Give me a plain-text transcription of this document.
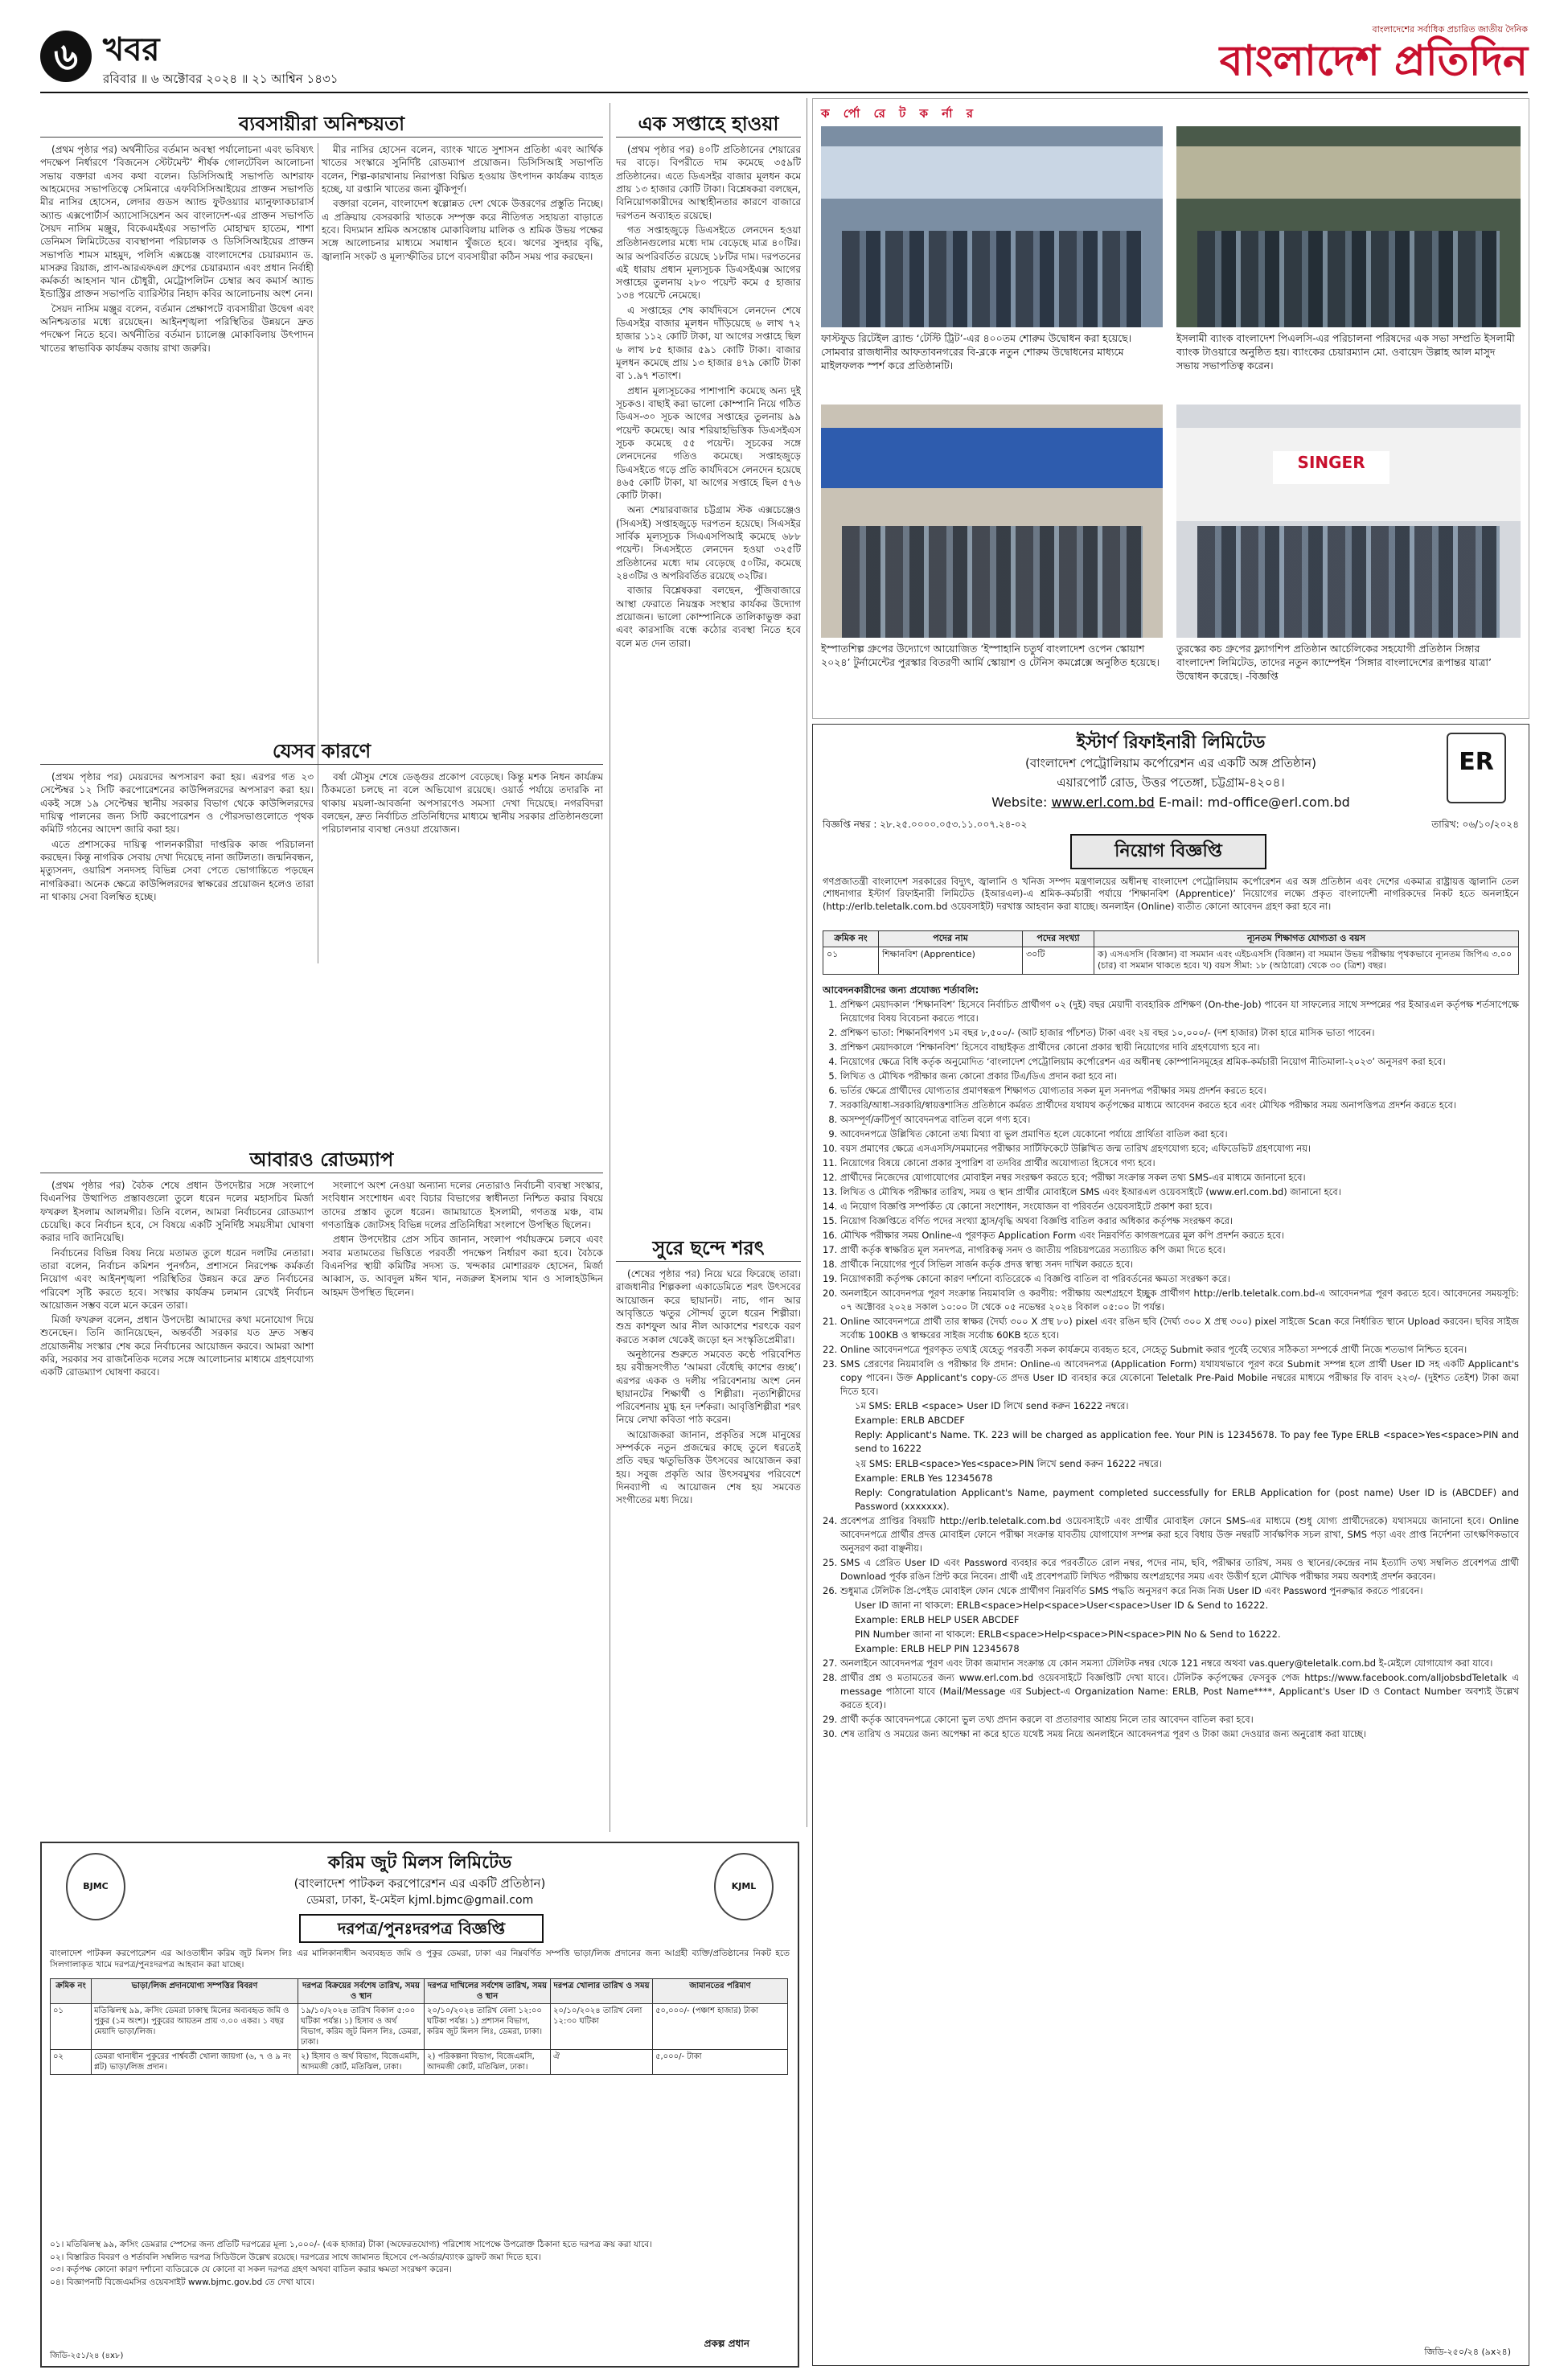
৬ খবর
রবিবার ॥ ৬ অক্টোবর ২০২৪ ॥ ২১ আশ্বিন ১৪৩১
বাংলাদেশের সর্বাধিক প্রচারিত জাতীয় দৈনিক
বাংলাদেশ প্রতিদিন
ব্যবসায়ীরা অনিশ্চয়তা

(প্রথম পৃষ্ঠার পর) অর্থনীতির বর্তমান অবস্থা পর্যালোচনা এবং ভবিষ্যৎ পদক্ষেপ নির্ধারণে ‘বিজনেস স্টেটমেন্ট’ শীর্ষক গোলটেবিল আলোচনা সভায় বক্তারা এসব কথা বলেন। ডিসিসিআই সভাপতি আশরাফ আহমেদের সভাপতিত্বে সেমিনারে এফবিসিসিআইয়ের প্রাক্তন সভাপতি মীর নাসির হোসেন, লেদার গুডস অ্যান্ড ফুটওয়্যার ম্যানুফ্যাকচারার্স অ্যান্ড এক্সপোর্টার্স অ্যাসোসিয়েশন অব বাংলাদেশ-এর প্রাক্তন সভাপতি সৈয়দ নাসিম মঞ্জুর, বিকেএমইএর সভাপতি মোহাম্মদ হাতেম, শাশা ডেনিমস লিমিটেডের ব্যবস্থাপনা পরিচালক ও ডিসিসিআইয়ের প্রাক্তন সভাপতি শামস মাহমুদ, পলিসি এক্সচেঞ্জ বাংলাদেশের চেয়ারম্যান ড. মাসরুর রিয়াজ, প্রাণ-আরএফএল গ্রুপের চেয়ারম্যান এবং প্রধান নির্বাহী কর্মকর্তা আহসান খান চৌধুরী, মেট্রোপলিটন চেম্বার অব কমার্স অ্যান্ড ইন্ডাস্ট্রির প্রাক্তন সভাপতি ব্যারিস্টার নিহাদ কবির আলোচনায় অংশ নেন।

সৈয়দ নাসিম মঞ্জুর বলেন, বর্তমান প্রেক্ষাপটে ব্যবসায়ীরা উদ্বেগ এবং অনিশ্চয়তার মধ্যে রয়েছেন। আইনশৃঙ্খলা পরিস্থিতির উন্নয়নে দ্রুত পদক্ষেপ নিতে হবে। অর্থনীতির বর্তমান চ্যালেঞ্জ মোকাবিলায় উৎপাদন খাতের স্বাভাবিক কার্যক্রম বজায় রাখা জরুরি।

মীর নাসির হোসেন বলেন, ব্যাংক খাতে সুশাসন প্রতিষ্ঠা এবং আর্থিক খাতের সংস্কারে সুনির্দিষ্ট রোডম্যাপ প্রয়োজন। ডিসিসিআই সভাপতি বলেন, শিল্প-কারখানায় নিরাপত্তা বিঘ্নিত হওয়ায় উৎপাদন কার্যক্রম ব্যাহত হচ্ছে, যা রপ্তানি খাতের জন্য ঝুঁকিপূর্ণ।

বক্তারা বলেন, বাংলাদেশ স্বল্পোন্নত দেশ থেকে উত্তরণের প্রস্তুতি নিচ্ছে। এ প্রক্রিয়ায় বেসরকারি খাতকে সম্পৃক্ত করে নীতিগত সহায়তা বাড়াতে হবে। বিদ্যমান শ্রমিক অসন্তোষ মোকাবিলায় মালিক ও শ্রমিক উভয় পক্ষের সঙ্গে আলোচনার মাধ্যমে সমাধান খুঁজতে হবে। ঋণের সুদহার বৃদ্ধি, জ্বালানি সংকট ও মূল্যস্ফীতির চাপে ব্যবসায়ীরা কঠিন সময় পার করছেন।

যেসব কারণে

(প্রথম পৃষ্ঠার পর) মেয়রদের অপসারণ করা হয়। এরপর গত ২৩ সেপ্টেম্বর ১২ সিটি করপোরেশনের কাউন্সিলরদের অপসারণ করা হয়। একই সঙ্গে ১৯ সেপ্টেম্বর স্থানীয় সরকার বিভাগ থেকে কাউন্সিলরদের দায়িত্ব পালনের জন্য সিটি করপোরেশন ও পৌরসভাগুলোতে পৃথক কমিটি গঠনের আদেশ জারি করা হয়।

এতে প্রশাসকের দায়িত্ব পালনকারীরা দাপ্তরিক কাজ পরিচালনা করছেন। কিন্তু নাগরিক সেবায় দেখা দিয়েছে নানা জটিলতা। জন্মনিবন্ধন, মৃত্যুসনদ, ওয়ারিশ সনদসহ বিভিন্ন সেবা পেতে ভোগান্তিতে পড়ছেন নাগরিকরা। অনেক ক্ষেত্রে কাউন্সিলরদের স্বাক্ষরের প্রয়োজন হলেও তারা না থাকায় সেবা বিলম্বিত হচ্ছে।

বর্ষা মৌসুম শেষে ডেঙ্গুর প্রকোপ বেড়েছে। কিন্তু মশক নিধন কার্যক্রম ঠিকমতো চলছে না বলে অভিযোগ রয়েছে। ওয়ার্ড পর্যায়ে তদারকি না থাকায় ময়লা-আবর্জনা অপসারণেও সমস্যা দেখা দিয়েছে। নগরবিদরা বলছেন, দ্রুত নির্বাচিত প্রতিনিধিদের মাধ্যমে স্থানীয় সরকার প্রতিষ্ঠানগুলো পরিচালনার ব্যবস্থা নেওয়া প্রয়োজন।

আবারও রোডম্যাপ

(প্রথম পৃষ্ঠার পর) বৈঠক শেষে প্রধান উপদেষ্টার সঙ্গে সংলাপে বিএনপির উত্থাপিত প্রস্তাবগুলো তুলে ধরেন দলের মহাসচিব মির্জা ফখরুল ইসলাম আলমগীর। তিনি বলেন, আমরা নির্বাচনের রোডম্যাপ চেয়েছি। কবে নির্বাচন হবে, সে বিষয়ে একটি সুনির্দিষ্ট সময়সীমা ঘোষণা করার দাবি জানিয়েছি।

নির্বাচনের বিভিন্ন বিষয় নিয়ে মতামত তুলে ধরেন দলটির নেতারা। তারা বলেন, নির্বাচন কমিশন পুনর্গঠন, প্রশাসনে নিরপেক্ষ কর্মকর্তা নিয়োগ এবং আইনশৃঙ্খলা পরিস্থিতির উন্নয়ন করে দ্রুত নির্বাচনের পরিবেশ সৃষ্টি করতে হবে। সংস্কার কার্যক্রম চলমান রেখেই নির্বাচন আয়োজন সম্ভব বলে মনে করেন তারা।

মির্জা ফখরুল বলেন, প্রধান উপদেষ্টা আমাদের কথা মনোযোগ দিয়ে শুনেছেন। তিনি জানিয়েছেন, অন্তর্বর্তী সরকার যত দ্রুত সম্ভব প্রয়োজনীয় সংস্কার শেষ করে নির্বাচনের আয়োজন করবে। আমরা আশা করি, সরকার সব রাজনৈতিক দলের সঙ্গে আলোচনার মাধ্যমে গ্রহণযোগ্য একটি রোডম্যাপ ঘোষণা করবে।

সংলাপে অংশ নেওয়া অন্যান্য দলের নেতারাও নির্বাচনী ব্যবস্থা সংস্কার, সংবিধান সংশোধন এবং বিচার বিভাগের স্বাধীনতা নিশ্চিত করার বিষয়ে তাদের প্রস্তাব তুলে ধরেন। জামায়াতে ইসলামী, গণতন্ত্র মঞ্চ, বাম গণতান্ত্রিক জোটসহ বিভিন্ন দলের প্রতিনিধিরা সংলাপে উপস্থিত ছিলেন।

প্রধান উপদেষ্টার প্রেস সচিব জানান, সংলাপ পর্যায়ক্রমে চলবে এবং সবার মতামতের ভিত্তিতে পরবর্তী পদক্ষেপ নির্ধারণ করা হবে। বৈঠকে বিএনপির স্থায়ী কমিটির সদস্য ড. খন্দকার মোশাররফ হোসেন, মির্জা আব্বাস, ড. আবদুল মঈন খান, নজরুল ইসলাম খান ও সালাহউদ্দিন আহমদ উপস্থিত ছিলেন।

এক সপ্তাহে হাওয়া

(প্রথম পৃষ্ঠার পর) ৪০টি প্রতিষ্ঠানের শেয়ারের দর বাড়ে। বিপরীতে দাম কমেছে ৩৫৯টি প্রতিষ্ঠানের। এতে ডিএসইর বাজার মূলধন কমে প্রায় ১৩ হাজার কোটি টাকা। বিশ্লেষকরা বলছেন, বিনিয়োগকারীদের আস্থাহীনতার কারণে বাজারে দরপতন অব্যাহত রয়েছে।

গত সপ্তাহজুড়ে ডিএসইতে লেনদেন হওয়া প্রতিষ্ঠানগুলোর মধ্যে দাম বেড়েছে মাত্র ৪০টির। আর অপরিবর্তিত রয়েছে ১৮টির দাম। দরপতনের এই ধারায় প্রধান মূল্যসূচক ডিএসইএক্স আগের সপ্তাহের তুলনায় ২৮০ পয়েন্ট কমে ৫ হাজার ১৩৪ পয়েন্টে নেমেছে।

এ সপ্তাহের শেষ কার্যদিবসে লেনদেন শেষে ডিএসইর বাজার মূলধন দাঁড়িয়েছে ৬ লাখ ৭২ হাজার ১১২ কোটি টাকা, যা আগের সপ্তাহে ছিল ৬ লাখ ৮৫ হাজার ৫৯১ কোটি টাকা। বাজার মূলধন কমেছে প্রায় ১৩ হাজার ৪৭৯ কোটি টাকা বা ১.৯৭ শতাংশ।

প্রধান মূল্যসূচকের পাশাপাশি কমেছে অন্য দুই সূচকও। বাছাই করা ভালো কোম্পানি নিয়ে গঠিত ডিএস-৩০ সূচক আগের সপ্তাহের তুলনায় ৯৯ পয়েন্ট কমেছে। আর শরিয়াহভিত্তিক ডিএসইএস সূচক কমেছে ৫৫ পয়েন্ট। সূচকের সঙ্গে লেনদেনের গতিও কমেছে। সপ্তাহজুড়ে ডিএসইতে গড়ে প্রতি কার্যদিবসে লেনদেন হয়েছে ৪৬৫ কোটি টাকা, যা আগের সপ্তাহে ছিল ৫৭৬ কোটি টাকা।

অন্য শেয়ারবাজার চট্টগ্রাম স্টক এক্সচেঞ্জেও (সিএসই) সপ্তাহজুড়ে দরপতন হয়েছে। সিএসইর সার্বিক মূল্যসূচক সিএএসপিআই কমেছে ৬৮৮ পয়েন্ট। সিএসইতে লেনদেন হওয়া ৩২৫টি প্রতিষ্ঠানের মধ্যে দাম বেড়েছে ৫০টির, কমেছে ২৪৩টির ও অপরিবর্তিত রয়েছে ৩২টির।

বাজার বিশ্লেষকরা বলছেন, পুঁজিবাজারে আস্থা ফেরাতে নিয়ন্ত্রক সংস্থার কার্যকর উদ্যোগ প্রয়োজন। ভালো কোম্পানিকে তালিকাভুক্ত করা এবং কারসাজি বন্ধে কঠোর ব্যবস্থা নিতে হবে বলে মত দেন তারা।

সুরে ছন্দে শরৎ

(শেষের পৃষ্ঠার পর) নিয়ে ঘরে ফিরেছে তারা। রাজধানীর শিল্পকলা একাডেমিতে শরৎ উৎসবের আয়োজন করে ছায়ানট। নাচ, গান আর আবৃত্তিতে ঋতুর সৌন্দর্য তুলে ধরেন শিল্পীরা। শুভ্র কাশফুল আর নীল আকাশের শরৎকে বরণ করতে সকাল থেকেই জড়ো হন সংস্কৃতিপ্রেমীরা।

অনুষ্ঠানের শুরুতে সমবেত কণ্ঠে পরিবেশিত হয় রবীন্দ্রসংগীত ‘আমরা বেঁধেছি কাশের গুচ্ছ’। এরপর একক ও দলীয় পরিবেশনায় অংশ নেন ছায়ানটের শিক্ষার্থী ও শিল্পীরা। নৃত্যশিল্পীদের পরিবেশনায় মুগ্ধ হন দর্শকরা। আবৃত্তিশিল্পীরা শরৎ নিয়ে লেখা কবিতা পাঠ করেন।

আয়োজকরা জানান, প্রকৃতির সঙ্গে মানুষের সম্পর্ককে নতুন প্রজন্মের কাছে তুলে ধরতেই প্রতি বছর ঋতুভিত্তিক উৎসবের আয়োজন করা হয়। সবুজ প্রকৃতি আর উৎসবমুখর পরিবেশে দিনব্যাপী এ আয়োজন শেষ হয় সমবেত সংগীতের মধ্য দিয়ে।

ক র্পো রে ট ক র্না র
ফাস্টফুড রিটেইল ব্র্যান্ড ‘টেস্টি ট্রিট’-এর ৪০০তম শোরুম উদ্বোধন করা হয়েছে। সোমবার রাজধানীর আফতাবনগরের বি-ব্লকে নতুন শোরুম উদ্বোধনের মাধ্যমে মাইলফলক স্পর্শ করে প্রতিষ্ঠানটি।
ইসলামী ব্যাংক বাংলাদেশ পিএলসি-এর পরিচালনা পরিষদের এক সভা সম্প্রতি ইসলামী ব্যাংক টাওয়ারে অনুষ্ঠিত হয়। ব্যাংকের চেয়ারম্যান মো. ওবায়েদ উল্লাহ আল মাসুদ সভায় সভাপতিত্ব করেন।
ইস্পাতশিল্প গ্রুপের উদ্যোগে আয়োজিত ‘ইস্পাহানি চতুর্থ বাংলাদেশ ওপেন স্কোয়াশ ২০২৪’ টুর্নামেন্টের পুরস্কার বিতরণী আর্মি স্কোয়াশ ও টেনিস কমপ্লেক্সে অনুষ্ঠিত হয়েছে।
SINGER
তুরস্কের কচ গ্রুপের ফ্ল্যাগশিপ প্রতিষ্ঠান আর্চেলিকের সহযোগী প্রতিষ্ঠান সিঙ্গার বাংলাদেশ লিমিটেড, তাদের নতুন ক্যাম্পেইন ‘সিঙ্গার বাংলাদেশের রূপান্তর যাত্রা’ উদ্বোধন করেছে। -বিজ্ঞপ্তি
ইস্টার্ণ রিফাইনারী লিমিটেড
(বাংলাদেশ পেট্রোলিয়াম কর্পোরেশন এর একটি অঙ্গ প্রতিষ্ঠান)
এয়ারপোর্ট রোড, উত্তর পতেঙ্গা, চট্টগ্রাম-৪২০৪।
Website: www.erl.com.bd E-mail: md-office@erl.com.bd
ER
বিজ্ঞপ্তি নম্বর : ২৮.২৫.০০০০.০৫৩.১১.০০৭.২৪-০২	তারিখ: ০৬/১০/২০২৪
নিয়োগ বিজ্ঞপ্তি
গণপ্রজাতন্ত্রী বাংলাদেশ সরকারের বিদ্যুৎ, জ্বালানি ও খনিজ সম্পদ মন্ত্রণালয়ের অধীনস্থ বাংলাদেশ পেট্রোলিয়াম কর্পোরেশন এর অঙ্গ প্রতিষ্ঠান এবং দেশের একমাত্র রাষ্ট্রায়ত্ত জ্বালানি তেল শোধনাগার ইস্টার্ণ রিফাইনারী লিমিটেড (ইআরএল)-এ শ্রমিক-কর্মচারী পর্যায়ে ‘শিক্ষানবিশ (Apprentice)’ নিয়োগের লক্ষ্যে প্রকৃত বাংলাদেশী নাগরিকদের নিকট হতে অনলাইনে (http://erlb.teletalk.com.bd ওয়েবসাইট) দরখাস্ত আহবান করা যাচ্ছে। অনলাইন (Online) ব্যতীত কোনো আবেদন গ্রহণ করা হবে না।
ক্রমিক নং	পদের নাম	পদের সংখ্যা	ন্যূনতম শিক্ষাগত যোগ্যতা ও বয়স
০১	শিক্ষানবিশ (Apprentice)	৩০টি	ক) এসএসসি (বিজ্ঞান) বা সমমান এবং এইচএসসি (বিজ্ঞান) বা সমমান উভয় পরীক্ষায় পৃথকভাবে ন্যূনতম জিপিএ ৩.০০ (চার) বা সমমান থাকতে হবে। খ) বয়স সীমা: ১৮ (আঠারো) থেকে ৩০ (ত্রিশ) বছর।
আবেদনকারীদের জন্য প্রযোজ্য শর্তাবলি:
1. প্রশিক্ষণ মেয়াদকাল ‘শিক্ষানবিশ’ হিসেবে নির্বাচিত প্রার্থীগণ ০২ (দুই) বছর মেয়াদী ব্যবহারিক প্রশিক্ষণ (On-the-Job) পাবেন যা সাফল্যের সাথে সম্পন্নের পর ইআরএল কর্তৃপক্ষ শর্তসাপেক্ষে নিয়োগের বিষয় বিবেচনা করতে পারে।
2. প্রশিক্ষণ ভাতা: শিক্ষানবিশগণ ১ম বছর ৮,৫০০/- (আট হাজার পাঁচশত) টাকা এবং ২য় বছর ১০,০০০/- (দশ হাজার) টাকা হারে মাসিক ভাতা পাবেন।
3. প্রশিক্ষণ মেয়াদকালে ‘শিক্ষানবিশ’ হিসেবে বাছাইকৃত প্রার্থীদের কোনো প্রকার স্থায়ী নিয়োগের দাবি গ্রহণযোগ্য হবে না।
4. নিয়োগের ক্ষেত্রে বিধি কর্তৃক অনুমোদিত ‘বাংলাদেশ পেট্রোলিয়াম কর্পোরেশন এর অধীনস্থ কোম্পানিসমূহের শ্রমিক-কর্মচারী নিয়োগ নীতিমালা-২০২৩’ অনুসরণ করা হবে।
5. লিখিত ও মৌখিক পরীক্ষার জন্য কোনো প্রকার টিএ/ডিএ প্রদান করা হবে না।
6. ভর্তির ক্ষেত্রে প্রার্থীদের যোগ্যতার প্রমাণস্বরূপ শিক্ষাগত যোগ্যতার সকল মূল সনদপত্র পরীক্ষার সময় প্রদর্শন করতে হবে।
7. সরকারি/আধা-সরকারি/স্বায়ত্তশাসিত প্রতিষ্ঠানে কর্মরত প্রার্থীদের যথাযথ কর্তৃপক্ষের মাধ্যমে আবেদন করতে হবে এবং মৌখিক পরীক্ষার সময় অনাপত্তিপত্র প্রদর্শন করতে হবে।
8. অসম্পূর্ণ/ক্রটিপূর্ণ আবেদনপত্র বাতিল বলে গণ্য হবে।
9. আবেদনপত্রে উল্লিখিত কোনো তথ্য মিথ্যা বা ভুল প্রমাণিত হলে যেকোনো পর্যায়ে প্রার্থিতা বাতিল করা হবে।
10. বয়স প্রমাণের ক্ষেত্রে এসএসসি/সমমানের পরীক্ষার সার্টিফিকেটে উল্লিখিত জন্ম তারিখ গ্রহণযোগ্য হবে; এফিডেভিট গ্রহণযোগ্য নয়।
11. নিয়োগের বিষয়ে কোনো প্রকার সুপারিশ বা তদবির প্রার্থীর অযোগ্যতা হিসেবে গণ্য হবে।
12. প্রার্থীদের নিজেদের যোগাযোগের মোবাইল নম্বর সংরক্ষণ করতে হবে; পরীক্ষা সংক্রান্ত সকল তথ্য SMS-এর মাধ্যমে জানানো হবে।
13. লিখিত ও মৌখিক পরীক্ষার তারিখ, সময় ও স্থান প্রার্থীর মোবাইলে SMS এবং ইআরএল ওয়েবসাইটে (www.erl.com.bd) জানানো হবে।
14. এ নিয়োগ বিজ্ঞপ্তি সম্পর্কিত যে কোনো সংশোধন, সংযোজন বা পরিবর্তন ওয়েবসাইটে প্রকাশ করা হবে।
15. নিয়োগ বিজ্ঞপ্তিতে বর্ণিত পদের সংখ্যা হ্রাস/বৃদ্ধি অথবা বিজ্ঞপ্তি বাতিল করার অধিকার কর্তৃপক্ষ সংরক্ষণ করে।
16. মৌখিক পরীক্ষার সময় Online-এ পূরণকৃত Application Form এবং নিম্নবর্ণিত কাগজপত্রের মূল কপি প্রদর্শন করতে হবে।
17. প্রার্থী কর্তৃক স্বাক্ষরিত মূল সনদপত্র, নাগরিকত্ব সনদ ও জাতীয় পরিচয়পত্রের সত্যায়িত কপি জমা দিতে হবে।
18. প্রার্থীকে নিয়োগের পূর্বে সিভিল সার্জন কর্তৃক প্রদত্ত স্বাস্থ্য সনদ দাখিল করতে হবে।
19. নিয়োগকারী কর্তৃপক্ষ কোনো কারণ দর্শানো ব্যতিরেকে এ বিজ্ঞপ্তি বাতিল বা পরিবর্তনের ক্ষমতা সংরক্ষণ করে।
20. অনলাইনে আবেদনপত্র পূরণ সংক্রান্ত নিয়মাবলি ও করণীয়: পরীক্ষায় অংশগ্রহণে ইচ্ছুক প্রার্থীগণ http://erlb.teletalk.com.bd-এ আবেদনপত্র পূরণ করতে হবে। আবেদনের সময়সূচি: ০৭ অক্টোবর ২০২৪ সকাল ১০:০০ টা থেকে ০৫ নভেম্বর ২০২৪ বিকাল ০৫:০০ টা পর্যন্ত।
21. Online আবেদনপত্রে প্রার্থী তার স্বাক্ষর (দৈর্ঘ্য ৩০০ X প্রস্থ ৮০) pixel এবং রঙিন ছবি (দৈর্ঘ্য ৩০০ X প্রস্থ ৩০০) pixel সাইজে Scan করে নির্ধারিত স্থানে Upload করবেন। ছবির সাইজ সর্বোচ্চ 100KB ও স্বাক্ষরের সাইজ সর্বোচ্চ 60KB হতে হবে।
22. Online আবেদনপত্রে পূরণকৃত তথ্যই যেহেতু পরবর্তী সকল কার্যক্রমে ব্যবহৃত হবে, সেহেতু Submit করার পূর্বেই তথ্যের সঠিকতা সম্পর্কে প্রার্থী নিজে শতভাগ নিশ্চিত হবেন।
23. SMS প্রেরণের নিয়মাবলি ও পরীক্ষার ফি প্রদান: Online-এ আবেদনপত্র (Application Form) যথাযথভাবে পূরণ করে Submit সম্পন্ন হলে প্রার্থী User ID সহ একটি Applicant's copy পাবেন। উক্ত Applicant's copy-তে প্রদত্ত User ID ব্যবহার করে যেকোনো Teletalk Pre-Paid Mobile নম্বরের মাধ্যমে পরীক্ষার ফি বাবদ ২২৩/- (দুইশত তেইশ) টাকা জমা দিতে হবে।
১ম SMS: ERLB <space> User ID লিখে send করুন 16222 নম্বরে।
Example: ERLB ABCDEF
Reply: Applicant's Name. TK. 223 will be charged as application fee. Your PIN is 12345678. To pay fee Type ERLB <space>Yes<space>PIN and send to 16222
২য় SMS: ERLB<space>Yes<space>PIN লিখে send করুন 16222 নম্বরে।
Example: ERLB Yes 12345678
Reply: Congratulation Applicant's Name, payment completed successfully for ERLB Application for (post name) User ID is (ABCDEF) and Password (xxxxxxx).
24. প্রবেশপত্র প্রাপ্তির বিষয়টি http://erlb.teletalk.com.bd ওয়েবসাইটে এবং প্রার্থীর মোবাইল ফোনে SMS-এর মাধ্যমে (শুধু যোগ্য প্রার্থীদেরকে) যথাসময়ে জানানো হবে। Online আবেদনপত্রে প্রার্থীর প্রদত্ত মোবাইল ফোনে পরীক্ষা সংক্রান্ত যাবতীয় যোগাযোগ সম্পন্ন করা হবে বিধায় উক্ত নম্বরটি সার্বক্ষণিক সচল রাখা, SMS পড়া এবং প্রাপ্ত নির্দেশনা তাৎক্ষণিকভাবে অনুসরণ করা বাঞ্ছনীয়।
25. SMS এ প্রেরিত User ID এবং Password ব্যবহার করে পরবর্তীতে রোল নম্বর, পদের নাম, ছবি, পরীক্ষার তারিখ, সময় ও স্থানের/কেন্দ্রের নাম ইত্যাদি তথ্য সম্বলিত প্রবেশপত্র প্রার্থী Download পূর্বক রঙিন প্রিন্ট করে নিবেন। প্রার্থী এই প্রবেশপত্রটি লিখিত পরীক্ষায় অংশগ্রহণের সময় এবং উত্তীর্ণ হলে মৌখিক পরীক্ষার সময় অবশ্যই প্রদর্শন করবেন।
26. শুধুমাত্র টেলিটক প্রি-পেইড মোবাইল ফোন থেকে প্রার্থীগণ নিম্নবর্ণিত SMS পদ্ধতি অনুসরণ করে নিজ নিজ User ID এবং Password পুনরুদ্ধার করতে পারবেন।
User ID জানা না থাকলে: ERLB<space>Help<space>User<space>User ID & Send to 16222.
Example: ERLB HELP USER ABCDEF
PIN Number জানা না থাকলে: ERLB<space>Help<space>PIN<space>PIN No & Send to 16222.
Example: ERLB HELP PIN 12345678
27. অনলাইনে আবেদনপত্র পূরণ এবং টাকা জমাদান সংক্রান্ত যে কোন সমস্যা টেলিটক নম্বর থেকে 121 নম্বরে অথবা vas.query@teletalk.com.bd ই-মেইলে যোগাযোগ করা যাবে।
28. প্রার্থীর প্রশ্ন ও মতামতের জন্য www.erl.com.bd ওয়েবসাইটে বিজ্ঞপ্তিটি দেখা যাবে। টেলিটক কর্তৃপক্ষের ফেসবুক পেজ https://www.facebook.com/alljobsbdTeletalk এ message পাঠানো যাবে (Mail/Message এর Subject-এ Organization Name: ERLB, Post Name****, Applicant's User ID ও Contact Number অবশ্যই উল্লেখ করতে হবে)।
29. প্রার্থী কর্তৃক আবেদনপত্রে কোনো ভুল তথ্য প্রদান করলে বা প্রতারণার আশ্রয় নিলে তার আবেদন বাতিল করা হবে।
30. শেষ তারিখ ও সময়ের জন্য অপেক্ষা না করে হাতে যথেষ্ট সময় নিয়ে অনলাইনে আবেদনপত্র পূরণ ও টাকা জমা দেওয়ার জন্য অনুরোধ করা যাচ্ছে।
জিডি-২৫০/২৪ (৯x২৪)
BJMC	KJML
করিম জুট মিলস লিমিটেড
(বাংলাদেশ পাটকল করপোরেশন এর একটি প্রতিষ্ঠান)
ডেমরা, ঢাকা, ই-মেইল kjml.bjmc@gmail.com
দরপত্র/পুনঃদরপত্র বিজ্ঞপ্তি
বাংলাদেশ পাটকল করপোরেশন এর আওতাধীন করিম জুট মিলস লিঃ এর মালিকানাধীন অব্যবহৃত জমি ও পুকুর ডেমরা, ঢাকা এর নিম্নবর্ণিত সম্পত্তি ভাড়া/লিজ প্রদানের জন্য আগ্রহী ব্যক্তি/প্রতিষ্ঠানের নিকট হতে সিলগালাকৃত খামে দরপত্র/পুনঃদরপত্র আহবান করা যাচ্ছে।
ক্রমিক নং	ভাড়া/লিজ প্রদানযোগ্য সম্পত্তির বিবরণ	দরপত্র বিক্রয়ের সর্বশেষ তারিখ, সময় ও স্থান	দরপত্র দাখিলের সর্বশেষ তারিখ, সময় ও স্থান	দরপত্র খোলার তারিখ ও সময়	জামানতের পরিমাণ
০১	মতিঝিলস্থ ৯৯, ক্রসিং ডেমরা ঢাকাস্থ মিলের অব্যবহৃত জমি ও পুকুর (১ম অংশ)। পুকুরের আয়তন প্রায় ৩.০০ একর। ১ বছর মেয়াদি ভাড়া/লিজ।	১৯/১০/২০২৪ তারিখ বিকাল ৫:০০ ঘটিকা পর্যন্ত। ১) হিসাব ও অর্থ বিভাগ, করিম জুট মিলস লিঃ, ডেমরা, ঢাকা।	২০/১০/২০২৪ তারিখ বেলা ১২:০০ ঘটিকা পর্যন্ত। ১) প্রশাসন বিভাগ, করিম জুট মিলস লিঃ, ডেমরা, ঢাকা।	২০/১০/২০২৪ তারিখ বেলা ১২:৩০ ঘটিকা	৫০,০০০/- (পঞ্চাশ হাজার) টাকা
০২	ডেমরা থানাধীন পুকুরের পার্শ্ববর্তী খোলা জায়গা (৬, ৭ ও ৯ নং প্লট) ভাড়া/লিজ প্রদান।	২) হিসাব ও অর্থ বিভাগ, বিজেএমসি, আদমজী কোর্ট, মতিঝিল, ঢাকা।	২) পরিকল্পনা বিভাগ, বিজেএমসি, আদমজী কোর্ট, মতিঝিল, ঢাকা।	ঐ	৫,০০০/- টাকা
০১। মতিঝিলস্থ ৯৯, ক্রসিং ডেমরার স্পেসের জন্য প্রতিটি দরপত্রের মূল্য ১,০০০/- (এক হাজার) টাকা (অফেরতযোগ্য) পরিশোধ সাপেক্ষে উপরোক্ত ঠিকানা হতে দরপত্র ক্রয় করা যাবে।
০২। বিস্তারিত বিবরণ ও শর্তাবলি সম্বলিত দরপত্র সিডিউলে উল্লেখ রয়েছে। দরপত্রের সাথে জামানত হিসেবে পে-অর্ডার/ব্যাংক ড্রাফট জমা দিতে হবে।
০৩। কর্তৃপক্ষ কোনো কারণ দর্শানো ব্যতিরেকে যে কোনো বা সকল দরপত্র গ্রহণ অথবা বাতিল করার ক্ষমতা সংরক্ষণ করেন।
০৪। বিজ্ঞাপনটি বিজেএমসির ওয়েবসাইট www.bjmc.gov.bd তে দেখা যাবে।
জিডি-২৫১/২৪ (৪x৮)
প্রকল্প প্রধান
